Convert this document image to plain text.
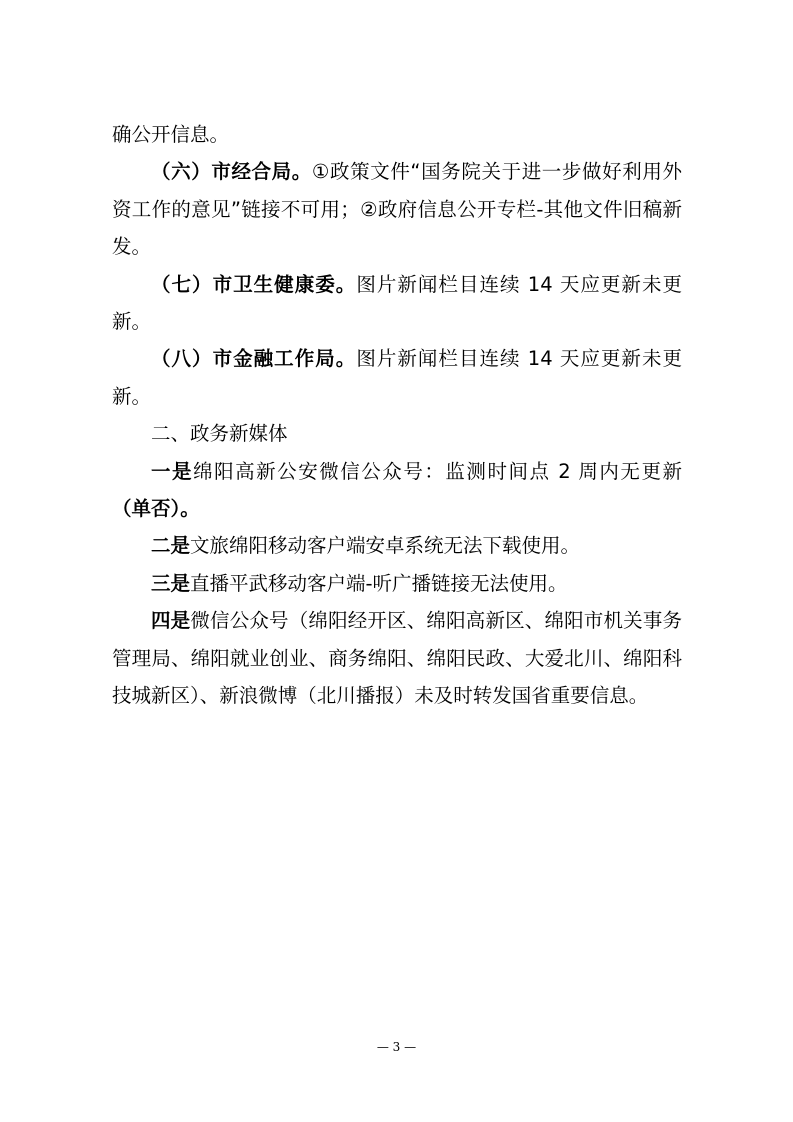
确公开信息。

（六）市经合局。①政策文件“国务院关于进一步做好利用外资工作的意见”链接不可用；②政府信息公开专栏-其他文件旧稿新发。

（七）市卫生健康委。图片新闻栏目连续 14 天应更新未更新。

（八）市金融工作局。图片新闻栏目连续 14 天应更新未更新。

二、政务新媒体

一是绵阳高新公安微信公众号：监测时间点 2 周内无更新（单否）。

二是文旅绵阳移动客户端安卓系统无法下载使用。

三是直播平武移动客户端-听广播链接无法使用。

四是微信公众号（绵阳经开区、绵阳高新区、绵阳市机关事务管理局、绵阳就业创业、商务绵阳、绵阳民政、大爱北川、绵阳科技城新区）、新浪微博（北川播报）未及时转发国省重要信息。

— 3 —
